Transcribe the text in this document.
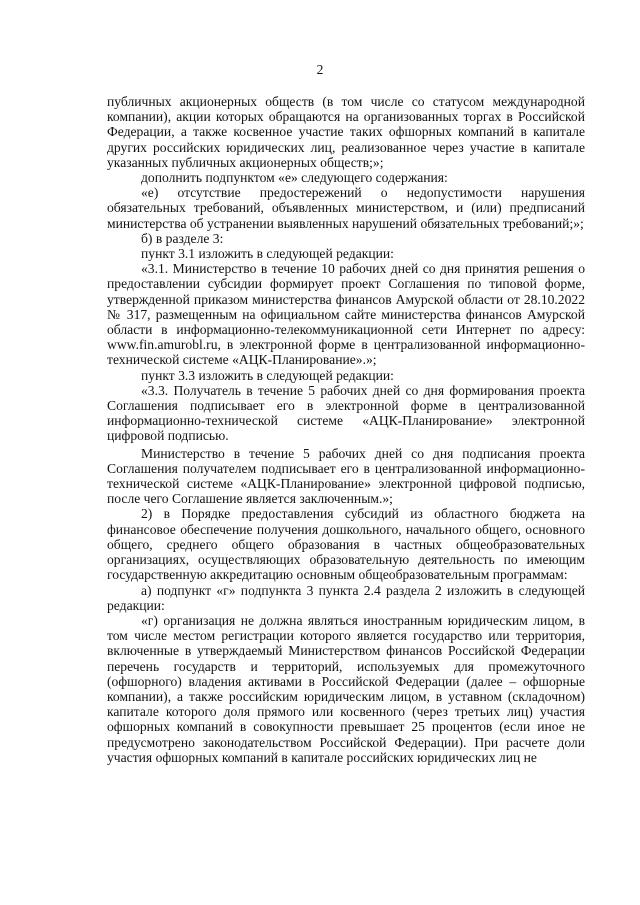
2

публичных акционерных обществ (в том числе со статусом международной компании), акции которых обращаются на организованных торгах в Российской Федерации, а также косвенное участие таких офшорных компаний в капитале других российских юридических лиц, реализованное через участие в капитале указанных публичных акционерных обществ;»;

дополнить подпунктом «е» следующего содержания:

«е) отсутствие предостережений о недопустимости нарушения обязательных требований, объявленных министерством, и (или) предписаний министерства об устранении выявленных нарушений обязательных требований;»;

б) в разделе 3:

пункт 3.1 изложить в следующей редакции:

«3.1. Министерство в течение 10 рабочих дней со дня принятия решения о предоставлении субсидии формирует проект Соглашения по типовой форме, утвержденной приказом министерства финансов Амурской области от 28.10.2022 № 317, размещенным на официальном сайте министерства финансов Амурской области в информационно-телекоммуникационной сети Интернет по адресу: www.fin.amurobl.ru, в электронной форме в централизованной информационно-технической системе «АЦК-Планирование».»;

пункт 3.3 изложить в следующей редакции:

«3.3. Получатель в течение 5 рабочих дней со дня формирования проекта Соглашения подписывает его в электронной форме в централизованной информационно-технической системе «АЦК-Планирование» электронной цифровой подписью.

Министерство в течение 5 рабочих дней со дня подписания проекта Соглашения получателем подписывает его в централизованной информационно-технической системе «АЦК-Планирование» электронной цифровой подписью, после чего Соглашение является заключенным.»;

2) в Порядке предоставления субсидий из областного бюджета на финансовое обеспечение получения дошкольного, начального общего, основного общего, среднего общего образования в частных общеобразовательных организациях, осуществляющих образовательную деятельность по имеющим государственную аккредитацию основным общеобразовательным программам:

а) подпункт «г» подпункта 3 пункта 2.4 раздела 2 изложить в следующей редакции:

«г) организация не должна являться иностранным юридическим лицом, в том числе местом регистрации которого является государство или территория, включенные в утверждаемый Министерством финансов Российской Федерации перечень государств и территорий, используемых для промежуточного (офшорного) владения активами в Российской Федерации (далее – офшорные компании), а также российским юридическим лицом, в уставном (складочном) капитале которого доля прямого или косвенного (через третьих лиц) участия офшорных компаний в совокупности превышает 25 процентов (если иное не предусмотрено законодательством Российской Федерации). При расчете доли участия офшорных компаний в капитале российских юридических лиц не
